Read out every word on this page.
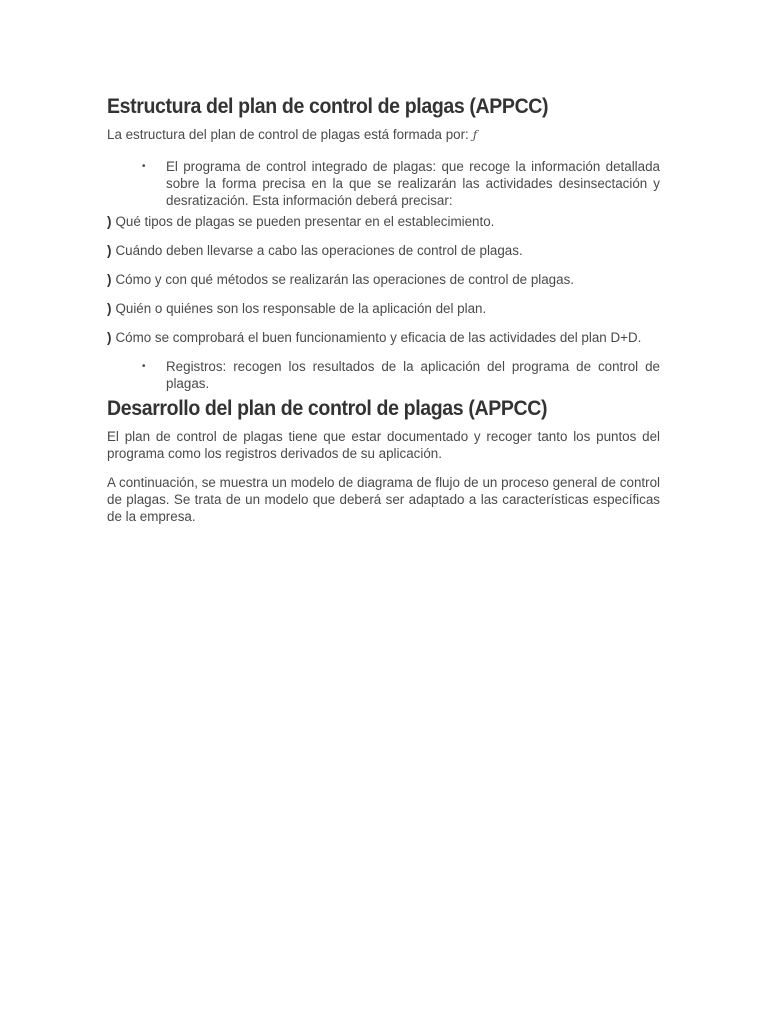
Estructura del plan de control de plagas (APPCC)

La estructura del plan de control de plagas está formada por: ƒ

•	El programa de control integrado de plagas: que recoge la información detallada sobre la forma precisa en la que se realizarán las actividades desinsectación y desratización. Esta información deberá precisar:
) Qué tipos de plagas se pueden presentar en el establecimiento.
) Cuándo deben llevarse a cabo las operaciones de control de plagas.
) Cómo y con qué métodos se realizarán las operaciones de control de plagas.
) Quién o quiénes son los responsable de la aplicación del plan.
) Cómo se comprobará el buen funcionamiento y eficacia de las actividades del plan D+D.
•	Registros: recogen los resultados de la aplicación del programa de control de plagas.
Desarrollo del plan de control de plagas (APPCC)

El plan de control de plagas tiene que estar documentado y recoger tanto los puntos del programa como los registros derivados de su aplicación.

A continuación, se muestra un modelo de diagrama de flujo de un proceso general de control de plagas. Se trata de un modelo que deberá ser adaptado a las características específicas de la empresa.
